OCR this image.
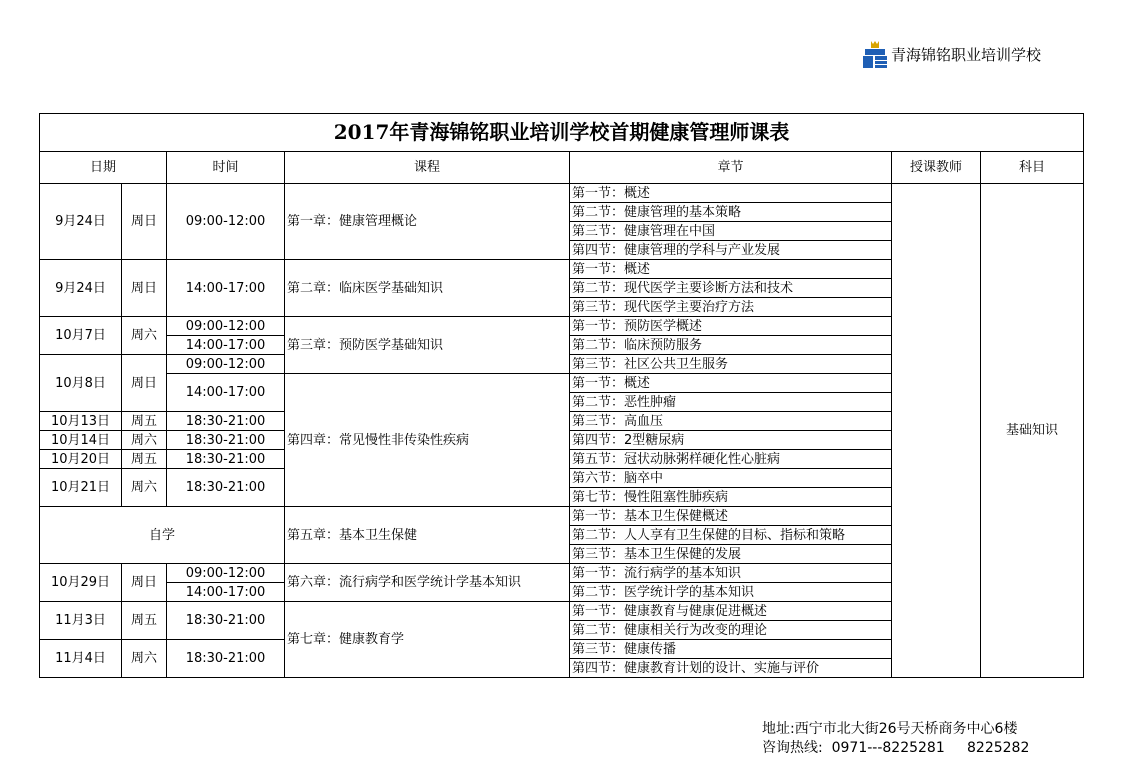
青海锦铭职业培训学校
2017年青海锦铭职业培训学校首期健康管理师课表						
日期		时间	课程	章节	授课教师	科目
9月24日	周日	09:00-12:00	第一章：健康管理概论	第一节：概述		基础知识
				第二节：健康管理的基本策略		
				第三节：健康管理在中国		
				第四节：健康管理的学科与产业发展		
9月24日	周日	14:00-17:00	第二章：临床医学基础知识	第一节：概述		
				第二节：现代医学主要诊断方法和技术		
				第三节：现代医学主要治疗方法		
10月7日	周六	09:00-12:00	第三章：预防医学基础知识	第一节：预防医学概述		
		14:00-17:00		第二节：临床预防服务		
10月8日	周日	09:00-12:00		第三节：社区公共卫生服务		
		14:00-17:00	第四章：常见慢性非传染性疾病	第一节：概述		
				第二节：恶性肿瘤		
10月13日	周五	18:30-21:00		第三节：高血压		
10月14日	周六	18:30-21:00		第四节：2型糖尿病		
10月20日	周五	18:30-21:00		第五节：冠状动脉粥样硬化性心脏病		
10月21日	周六	18:30-21:00		第六节：脑卒中		
				第七节：慢性阻塞性肺疾病		
自学			第五章：基本卫生保健	第一节：基本卫生保健概述		
				第二节：人人享有卫生保健的目标、指标和策略		
				第三节：基本卫生保健的发展		
10月29日	周日	09:00-12:00	第六章：流行病学和医学统计学基本知识	第一节：流行病学的基本知识		
		14:00-17:00		第二节：医学统计学的基本知识		
11月3日	周五	18:30-21:00	第七章：健康教育学	第一节：健康教育与健康促进概述		
				第二节：健康相关行为改变的理论		
11月4日	周六	18:30-21:00		第三节：健康传播		
				第四节：健康教育计划的设计、实施与评价		
地址:西宁市北大街26号天桥商务中心6楼
咨询热线:  0971---8225281     8225282
